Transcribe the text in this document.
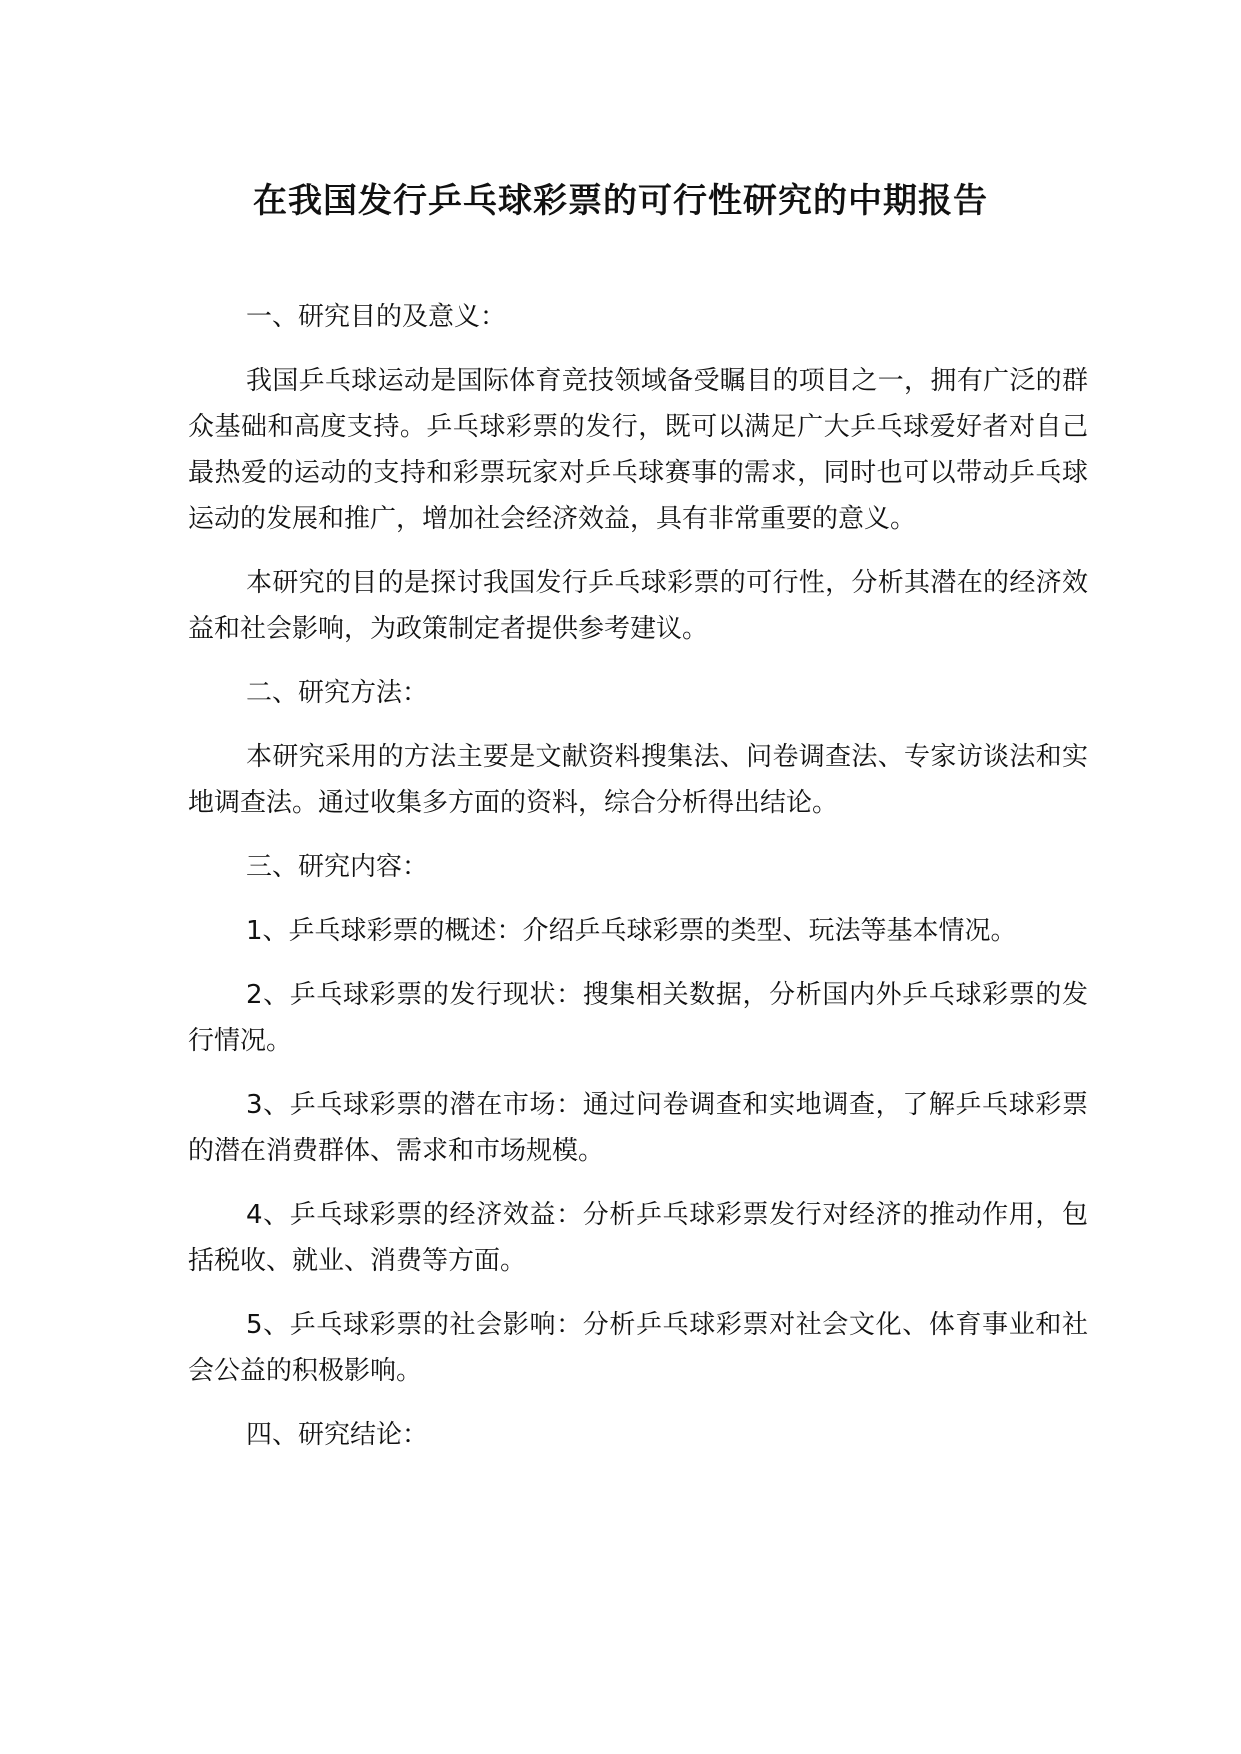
在我国发行乒乓球彩票的可行性研究的中期报告

一、研究目的及意义：

我国乒乓球运动是国际体育竞技领域备受瞩目的项目之一，拥有广泛的群众基础和高度支持。乒乓球彩票的发行，既可以满足广大乒乓球爱好者对自己最热爱的运动的支持和彩票玩家对乒乓球赛事的需求，同时也可以带动乒乓球运动的发展和推广，增加社会经济效益，具有非常重要的意义。

本研究的目的是探讨我国发行乒乓球彩票的可行性，分析其潜在的经济效益和社会影响，为政策制定者提供参考建议。

二、研究方法：

本研究采用的方法主要是文献资料搜集法、问卷调查法、专家访谈法和实地调查法。通过收集多方面的资料，综合分析得出结论。

三、研究内容：

1、乒乓球彩票的概述：介绍乒乓球彩票的类型、玩法等基本情况。

2、乒乓球彩票的发行现状：搜集相关数据，分析国内外乒乓球彩票的发行情况。

3、乒乓球彩票的潜在市场：通过问卷调查和实地调查，了解乒乓球彩票的潜在消费群体、需求和市场规模。

4、乒乓球彩票的经济效益：分析乒乓球彩票发行对经济的推动作用，包括税收、就业、消费等方面。

5、乒乓球彩票的社会影响：分析乒乓球彩票对社会文化、体育事业和社会公益的积极影响。

四、研究结论：
